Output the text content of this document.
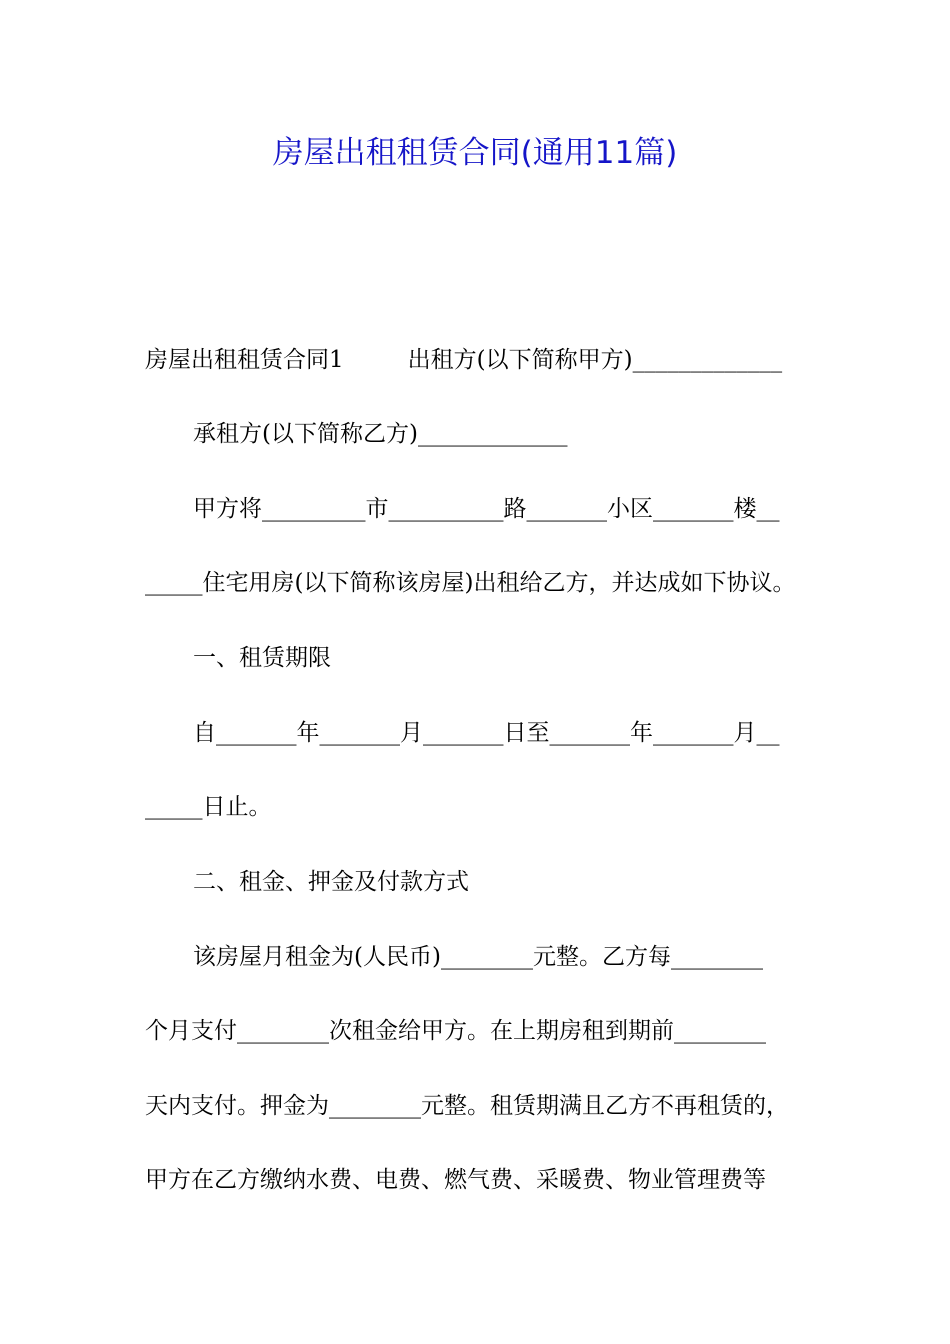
房屋出租租赁合同(通用11篇)
房屋出租租赁合同1	出租方(以下简称甲方)_____________
承租方(以下简称乙方)_____________
甲方将_________市__________路_______小区_______楼__
_____住宅用房(以下简称该房屋)出租给乙方，并达成如下协议。
一、租赁期限
自_______年_______月_______日至_______年_______月__
_____日止。
二、租金、押金及付款方式
该房屋月租金为(人民币)________元整。乙方每________
个月支付________次租金给甲方。在上期房租到期前________
天内支付。押金为________元整。租赁期满且乙方不再租赁的，
甲方在乙方缴纳水费、电费、燃气费、采暖费、物业管理费等
